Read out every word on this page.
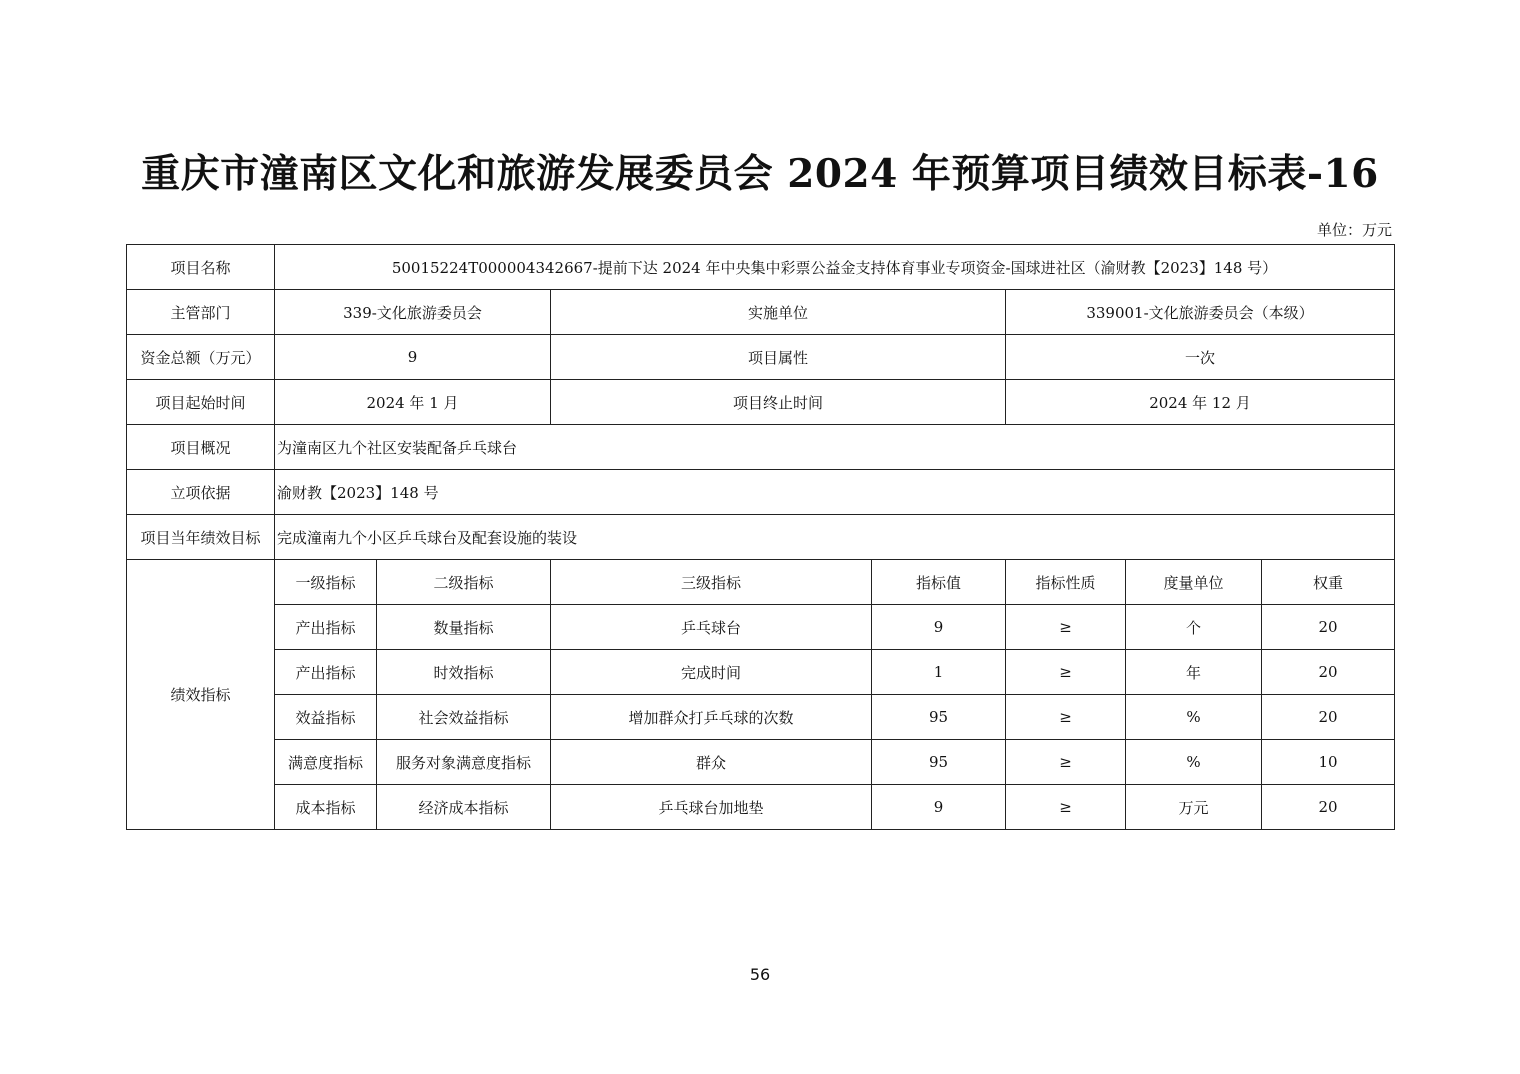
重庆市潼南区文化和旅游发展委员会 2024 年预算项目绩效目标表-16
单位：万元
项目名称	50015224T000004342667-提前下达 2024 年中央集中彩票公益金支持体育事业专项资金-国球进社区（渝财教【2023】148 号）						
主管部门	339-文化旅游委员会		实施单位		339001-文化旅游委员会（本级）		
资金总额（万元）	9		项目属性		一次		
项目起始时间	2024 年 1 月		项目终止时间		2024 年 12 月		
项目概况	为潼南区九个社区安装配备乒乓球台						
立项依据	渝财教【2023】148 号						
项目当年绩效目标	完成潼南九个小区乒乓球台及配套设施的装设						
绩效指标	一级指标	二级指标	三级指标	指标值	指标性质	度量单位	权重
	产出指标	数量指标	乒乓球台	9	≥	个	20
	产出指标	时效指标	完成时间	1	≥	年	20
	效益指标	社会效益指标	增加群众打乒乓球的次数	95	≥	%	20
	满意度指标	服务对象满意度指标	群众	95	≥	%	10
	成本指标	经济成本指标	乒乓球台加地垫	9	≥	万元	20
56
